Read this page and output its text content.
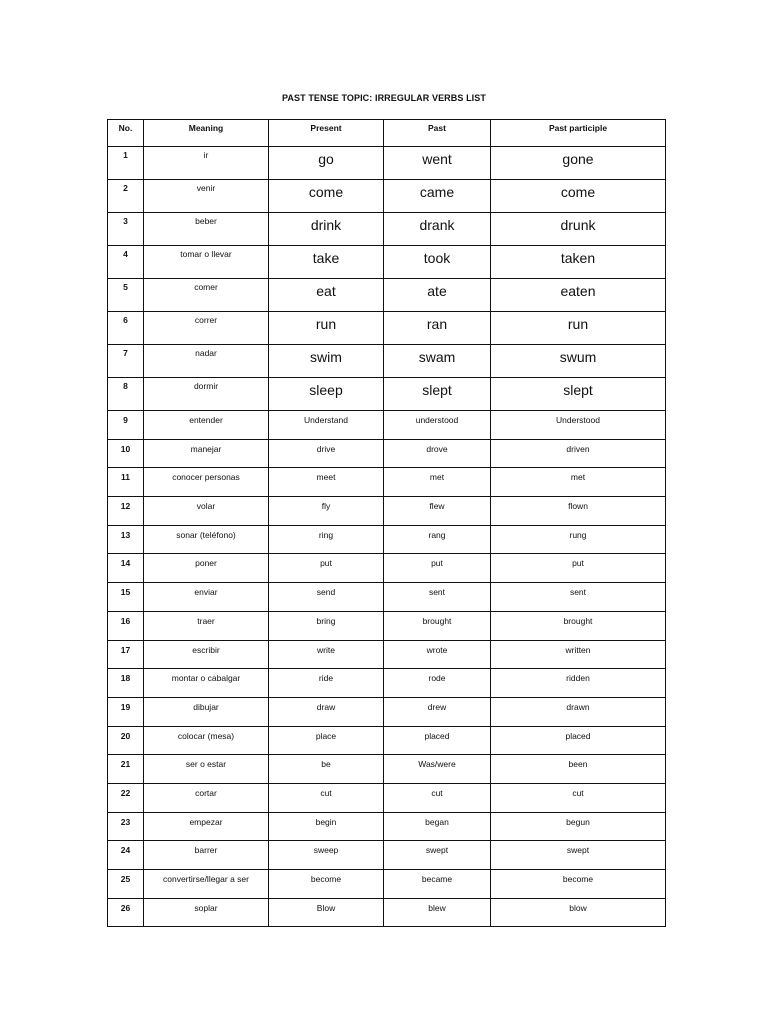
PAST TENSE TOPIC: IRREGULAR VERBS LIST
No.	Meaning	Present	Past	Past participle
1	ir	go	went	gone
2	venir	come	came	come
3	beber	drink	drank	drunk
4	tomar o llevar	take	took	taken
5	comer	eat	ate	eaten
6	correr	run	ran	run
7	nadar	swim	swam	swum
8	dormir	sleep	slept	slept
9	entender	Understand	understood	Understood
10	manejar	drive	drove	driven
11	conocer personas	meet	met	met
12	volar	fly	flew	flown
13	sonar (teléfono)	ring	rang	rung
14	poner	put	put	put
15	enviar	send	sent	sent
16	traer	bring	brought	brought
17	escribir	write	wrote	written
18	montar o cabalgar	ride	rode	ridden
19	dibujar	draw	drew	drawn
20	colocar (mesa)	place	placed	placed
21	ser o estar	be	Was/were	been
22	cortar	cut	cut	cut
23	empezar	begin	began	begun
24	barrer	sweep	swept	swept
25	convertirse/llegar a ser	become	became	become
26	soplar	Blow	blew	blow
